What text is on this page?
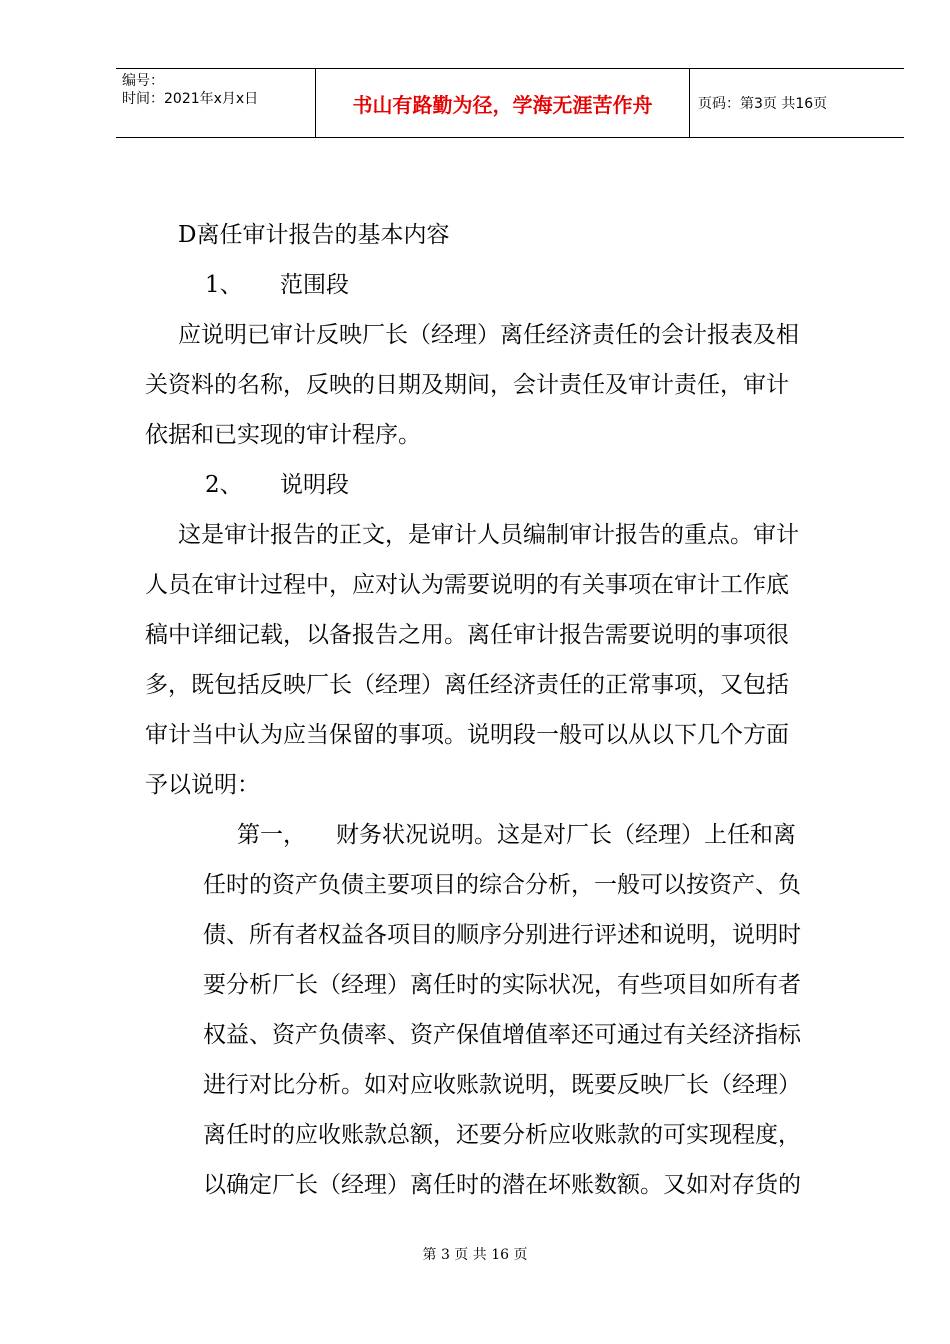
编号：
时间：2021年x月x日	书山有路勤为径，学海无涯苦作舟	页码：第3页 共16页
D离任审计报告的基本内容
1、 范围段
应说明已审计反映厂长（经理）离任经济责任的会计报表及相
关资料的名称，反映的日期及期间，会计责任及审计责任，审计
依据和已实现的审计程序。
2、 说明段
这是审计报告的正文，是审计人员编制审计报告的重点。审计
人员在审计过程中，应对认为需要说明的有关事项在审计工作底
稿中详细记载，以备报告之用。离任审计报告需要说明的事项很
多，既包括反映厂长（经理）离任经济责任的正常事项，又包括
审计当中认为应当保留的事项。说明段一般可以从以下几个方面
予以说明：
第一， 财务状况说明。这是对厂长（经理）上任和离
任时的资产负债主要项目的综合分析，一般可以按资产、负
债、所有者权益各项目的顺序分别进行评述和说明，说明时
要分析厂长（经理）离任时的实际状况，有些项目如所有者
权益、资产负债率、资产保值增值率还可通过有关经济指标
进行对比分析。如对应收账款说明，既要反映厂长（经理）
离任时的应收账款总额，还要分析应收账款的可实现程度，
以确定厂长（经理）离任时的潜在坏账数额。又如对存货的
第 3 页 共 16 页
